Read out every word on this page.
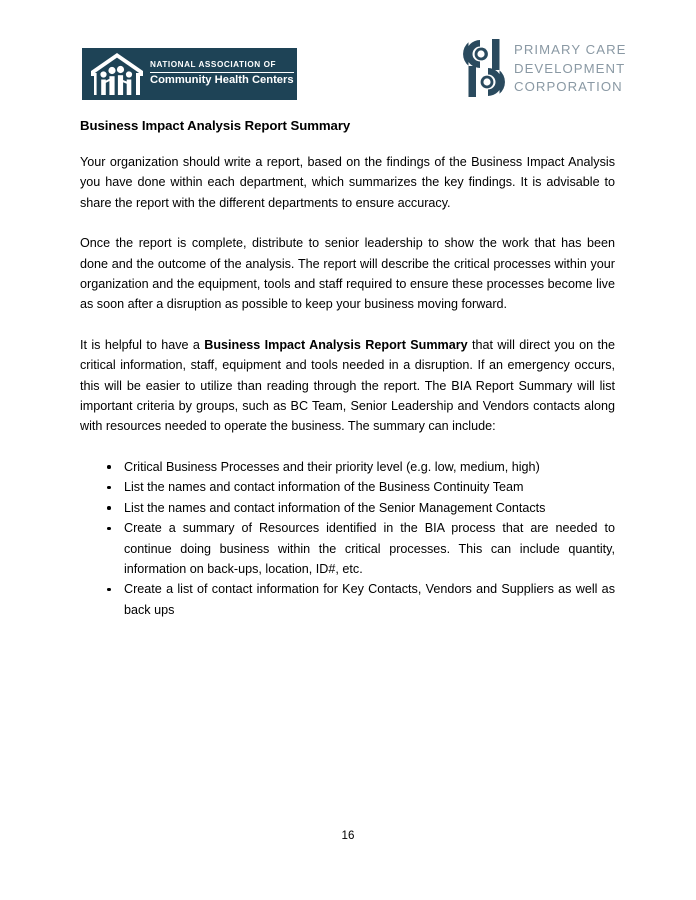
NATIONAL ASSOCIATION OF
Community Health Centers
PRIMARY CARE
DEVELOPMENT
CORPORATION
Business Impact Analysis Report Summary

Your organization should write a report, based on the findings of the Business Impact Analysis you have done within each department, which summarizes the key findings. It is advisable to share the report with the different departments to ensure accuracy.

Once the report is complete, distribute to senior leadership to show the work that has been done and the outcome of the analysis. The report will describe the critical processes within your organization and the equipment, tools and staff required to ensure these processes become live as soon after a disruption as possible to keep your business moving forward.

It is helpful to have a Business Impact Analysis Report Summary that will direct you on the critical information, staff, equipment and tools needed in a disruption. If an emergency occurs, this will be easier to utilize than reading through the report. The BIA Report Summary will list important criteria by groups, such as BC Team, Senior Leadership and Vendors contacts along with resources needed to operate the business. The summary can include:

Critical Business Processes and their priority level (e.g. low, medium, high)
List the names and contact information of the Business Continuity Team
List the names and contact information of the Senior Management Contacts
Create a summary of Resources identified in the BIA process that are needed to continue doing business within the critical processes. This can include quantity, information on back-ups, location, ID#, etc.
Create a list of contact information for Key Contacts, Vendors and Suppliers as well as back ups
16
